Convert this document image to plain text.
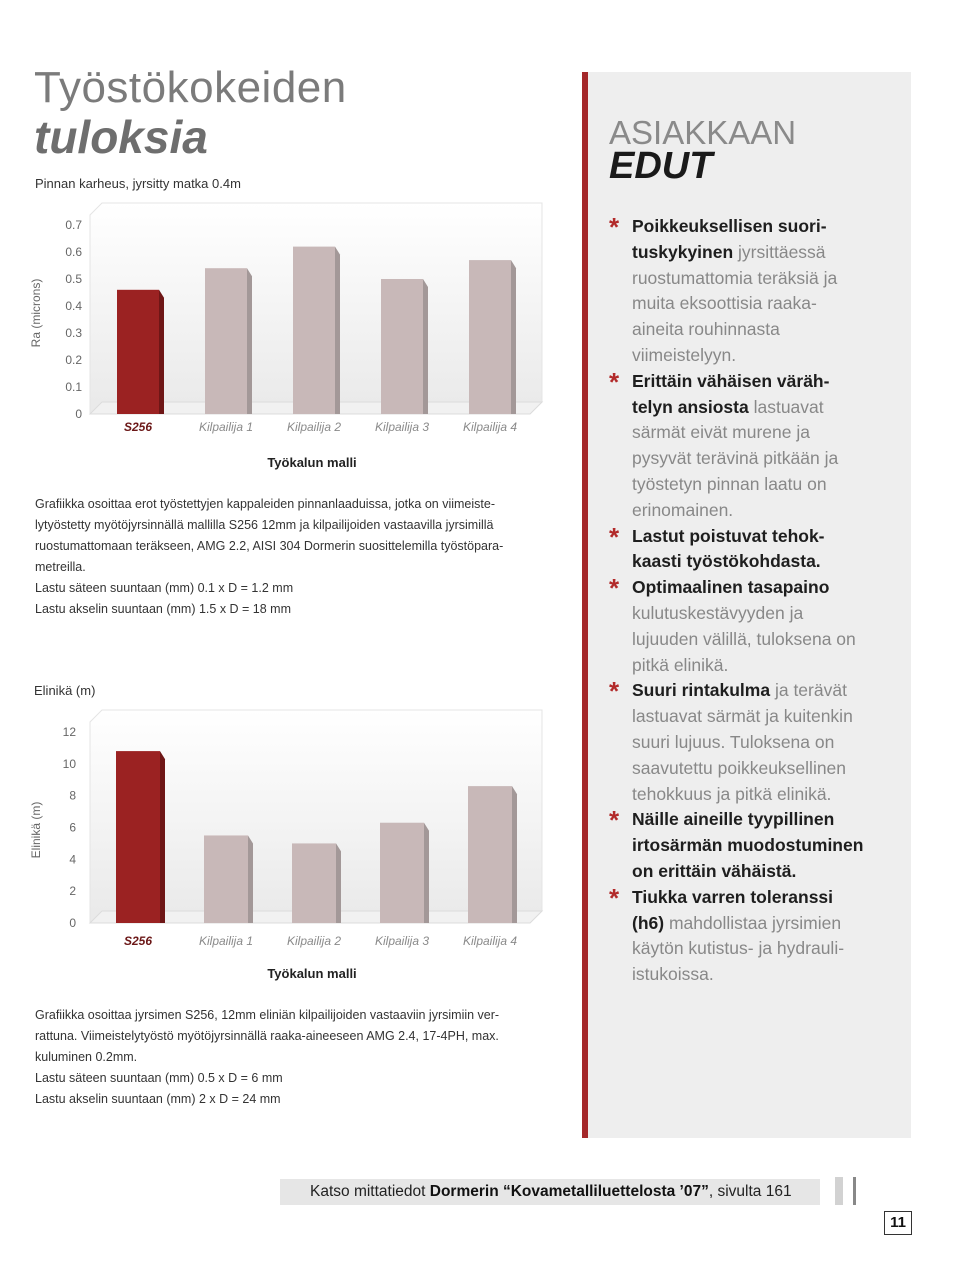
Työstökokeiden
tuloksia
Pinnan karheus, jyrsitty matka 0.4m
0
0.1
0.2
0.3
0.4
0.5
0.6
0.7
Ra (microns)
S256	Kilpailija 1	Kilpailija 2	Kilpailija 3	Kilpailija 4
Työkalun malli
Grafiikka osoittaa erot työstettyjen kappaleiden pinnanlaaduissa, jotka on viimeiste-
lytyöstetty myötöjyrsinnällä mallilla S256 12mm ja kilpailijoiden vastaavilla jyrsimillä
ruostumattomaan teräkseen, AMG 2.2, AISI 304 Dormerin suosittelemilla työstöpara-
metreilla.
Lastu säteen suuntaan (mm) 0.1 x D = 1.2 mm
Lastu akselin suuntaan (mm) 1.5 x D = 18 mm
Elinikä (m)
0
2
4
6
8
10
12
Elinikä (m)
S256	Kilpailija 1	Kilpailija 2	Kilpailija 3	Kilpailija 4
Työkalun malli
Grafiikka osoittaa jyrsimen S256, 12mm eliniän kilpailijoiden vastaaviin jyrsimiin ver-
rattuna. Viimeistelytyöstö myötöjyrsinnällä raaka-aineeseen AMG 2.4, 17-4PH, max.
kuluminen 0.2mm.
Lastu säteen suuntaan (mm) 0.5 x D = 6 mm
Lastu akselin suuntaan (mm) 2 x D = 24 mm
ASIAKKAAN
EDUT
* Poikkeuksellisen suori-
tuskykyinen jyrsittäessä
ruostumattomia teräksiä ja
muita eksoottisia raaka-
aineita rouhinnasta
viimeistelyyn.
* Erittäin vähäisen väräh-
telyn ansiosta lastuavat
särmät eivät murene ja
pysyvät terävinä pitkään ja
työstetyn pinnan laatu on
erinomainen.
* Lastut poistuvat tehok-
kaasti työstökohdasta.
* Optimaalinen tasapaino
kulutuskestävyyden ja
lujuuden välillä, tuloksena on
pitkä elinikä.
* Suuri rintakulma ja terävät
lastuavat särmät ja kuitenkin
suuri lujuus. Tuloksena on
saavutettu poikkeuksellinen
tehokkuus ja pitkä elinikä.
* Näille aineille tyypillinen
irtosärmän muodostuminen
on erittäin vähäistä.
* Tiukka varren toleranssi
(h6) mahdollistaa jyrsimien
käytön kutistus- ja hydrauli-
istukoissa.
Katso mittatiedot Dormerin “Kovametalliluettelosta ’07”, sivulta 161
11
